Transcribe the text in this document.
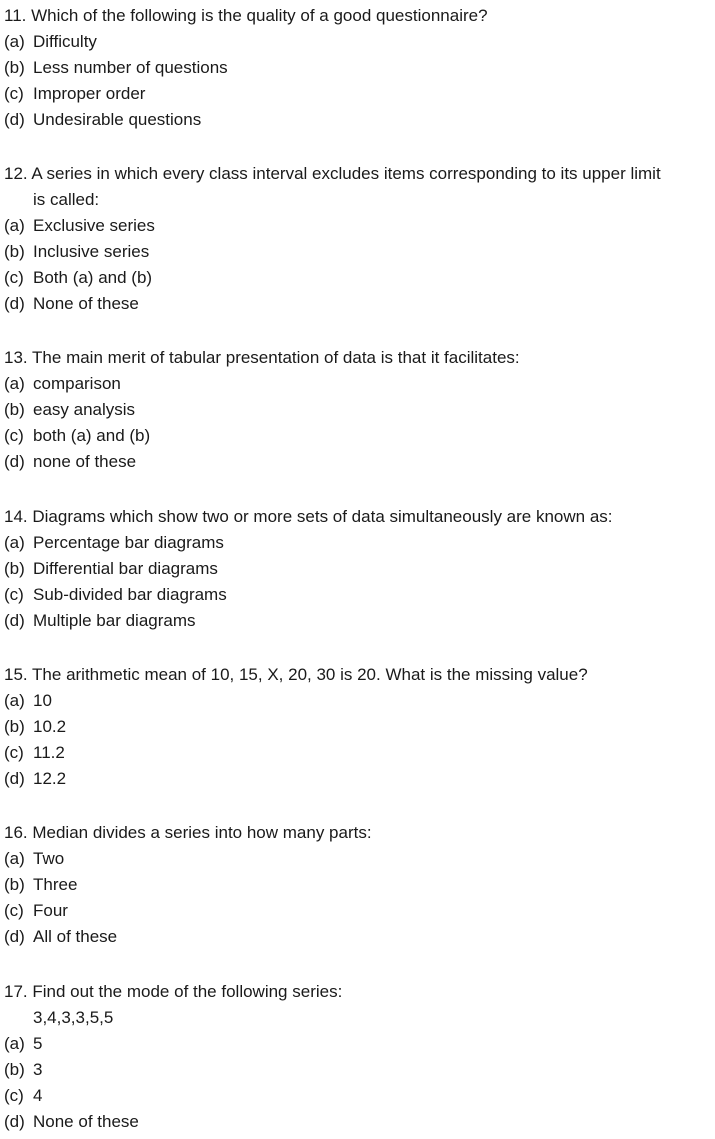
11. Which of the following is the quality of a good questionnaire?
(a) Difficulty
(b) Less number of questions
(c) Improper order
(d) Undesirable questions
12. A series in which every class interval excludes items corresponding to its upper limit
is called:
(a) Exclusive series
(b) Inclusive series
(c) Both (a) and (b)
(d) None of these
13. The main merit of tabular presentation of data is that it facilitates:
(a) comparison
(b) easy analysis
(c) both (a) and (b)
(d) none of these
14. Diagrams which show two or more sets of data simultaneously are known as:
(a) Percentage bar diagrams
(b) Differential bar diagrams
(c) Sub-divided bar diagrams
(d) Multiple bar diagrams
15. The arithmetic mean of 10, 15, X, 20, 30 is 20. What is the missing value?
(a) 10
(b) 10.2
(c) 11.2
(d) 12.2
16. Median divides a series into how many parts:
(a) Two
(b) Three
(c) Four
(d) All of these
17. Find out the mode of the following series:
3,4,3,3,5,5
(a) 5
(b) 3
(c) 4
(d) None of these
